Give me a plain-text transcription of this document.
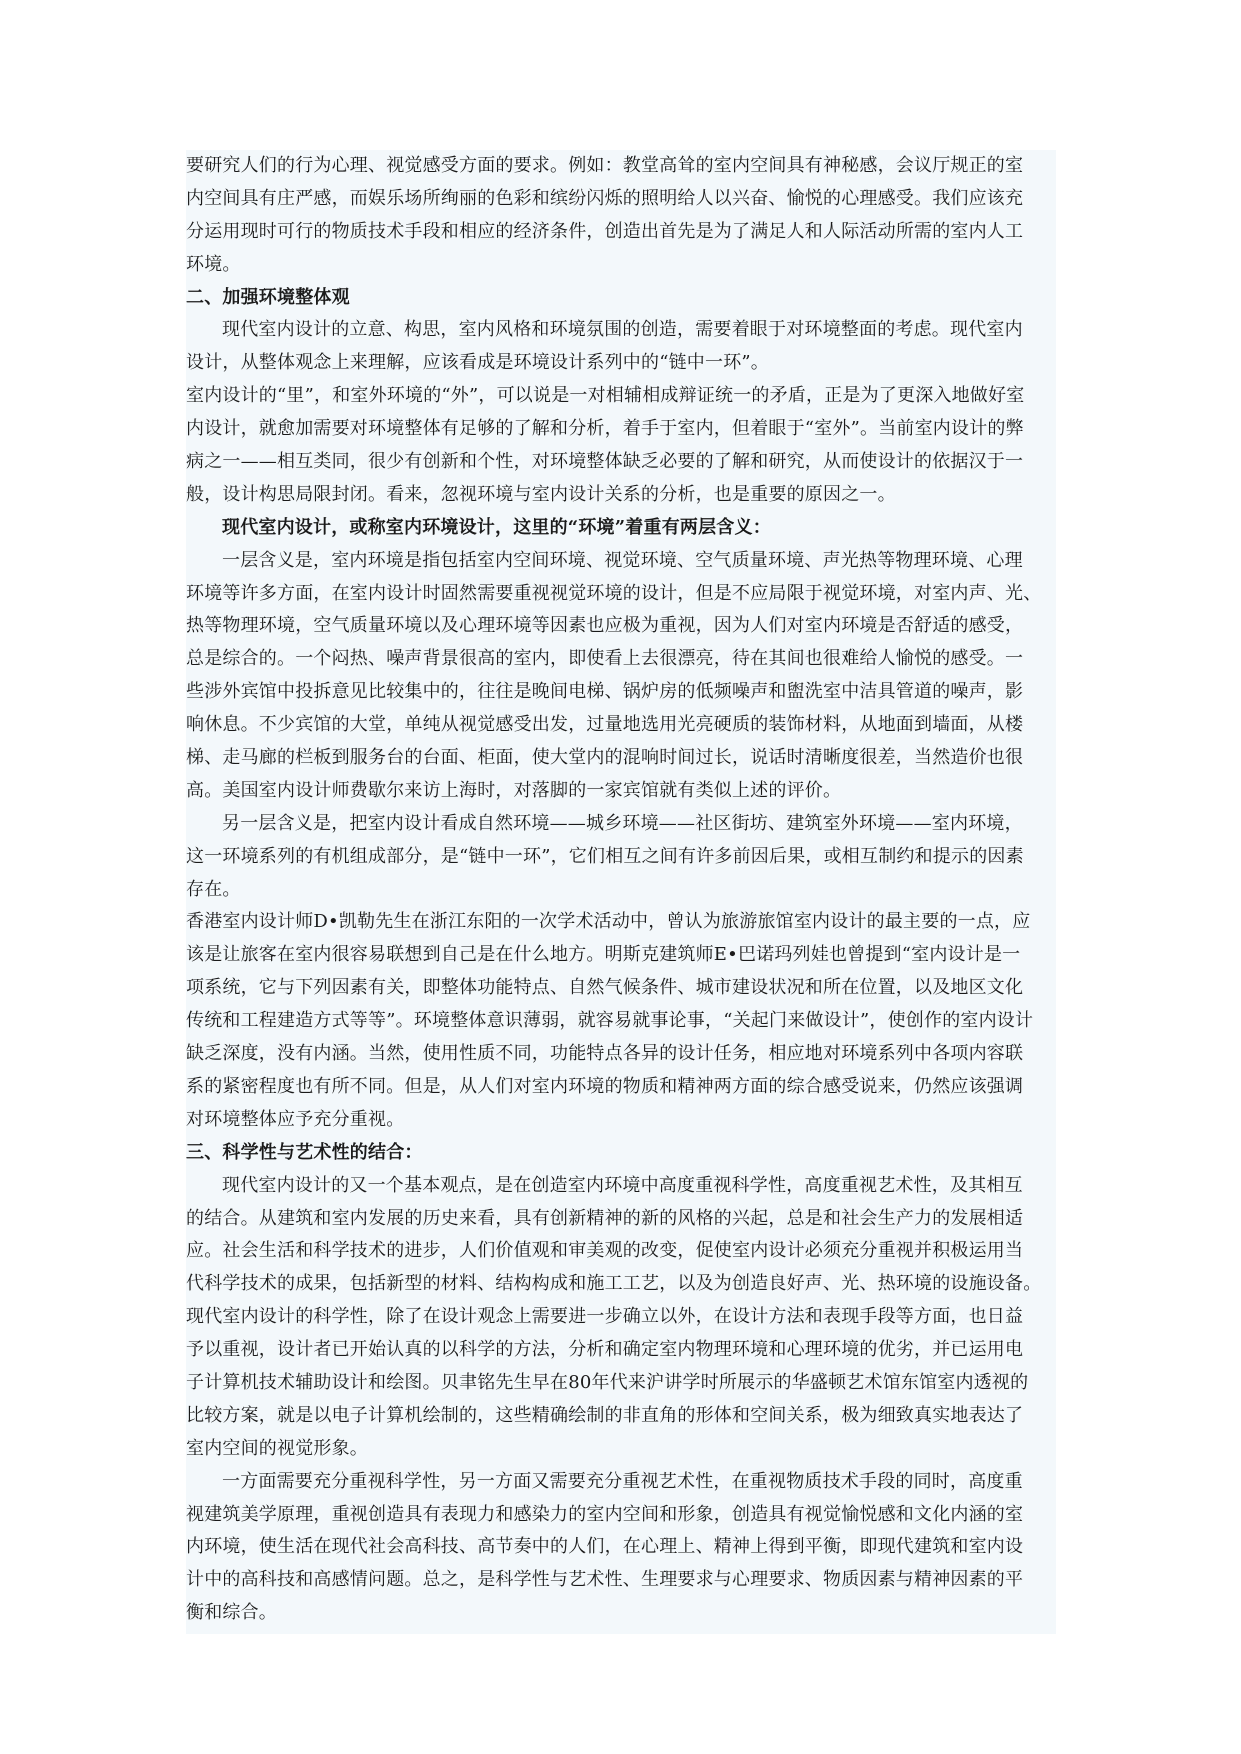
要研究人们的行为心理、视觉感受方面的要求。例如：教堂高耸的室内空间具有神秘感，会议厅规正的室
内空间具有庄严感，而娱乐场所绚丽的色彩和缤纷闪烁的照明给人以兴奋、愉悦的心理感受。我们应该充
分运用现时可行的物质技术手段和相应的经济条件，创造出首先是为了满足人和人际活动所需的室内人工
环境。
二、加强环境整体观
现代室内设计的立意、构思，室内风格和环境氛围的创造，需要着眼于对环境整面的考虑。现代室内
设计，从整体观念上来理解，应该看成是环境设计系列中的“链中一环”。
室内设计的“里”，和室外环境的“外”，可以说是一对相辅相成辩证统一的矛盾，正是为了更深入地做好室
内设计，就愈加需要对环境整体有足够的了解和分析，着手于室内，但着眼于“室外”。当前室内设计的弊
病之一——相互类同，很少有创新和个性，对环境整体缺乏必要的了解和研究，从而使设计的依据汉于一
般，设计构思局限封闭。看来，忽视环境与室内设计关系的分析，也是重要的原因之一。
现代室内设计，或称室内环境设计，这里的“环境”着重有两层含义：
一层含义是，室内环境是指包括室内空间环境、视觉环境、空气质量环境、声光热等物理环境、心理
环境等许多方面，在室内设计时固然需要重视视觉环境的设计，但是不应局限于视觉环境，对室内声、光、
热等物理环境，空气质量环境以及心理环境等因素也应极为重视，因为人们对室内环境是否舒适的感受，
总是综合的。一个闷热、噪声背景很高的室内，即使看上去很漂亮，待在其间也很难给人愉悦的感受。一
些涉外宾馆中投拆意见比较集中的，往往是晚间电梯、锅炉房的低频噪声和盥洗室中洁具管道的噪声，影
响休息。不少宾馆的大堂，单纯从视觉感受出发，过量地选用光亮硬质的装饰材料，从地面到墙面，从楼
梯、走马廊的栏板到服务台的台面、柜面，使大堂内的混响时间过长，说话时清晰度很差，当然造价也很
高。美国室内设计师费歇尔来访上海时，对落脚的一家宾馆就有类似上述的评价。
另一层含义是，把室内设计看成自然环境——城乡环境——社区街坊、建筑室外环境——室内环境，
这一环境系列的有机组成部分，是“链中一环”，它们相互之间有许多前因后果，或相互制约和提示的因素
存在。
香港室内设计师D•凯勒先生在浙江东阳的一次学术活动中，曾认为旅游旅馆室内设计的最主要的一点，应
该是让旅客在室内很容易联想到自己是在什么地方。明斯克建筑师E•巴诺玛列娃也曾提到“室内设计是一
项系统，它与下列因素有关，即整体功能特点、自然气候条件、城市建设状况和所在位置，以及地区文化
传统和工程建造方式等等”。环境整体意识薄弱，就容易就事论事，“关起门来做设计”，使创作的室内设计
缺乏深度，没有内涵。当然，使用性质不同，功能特点各异的设计任务，相应地对环境系列中各项内容联
系的紧密程度也有所不同。但是，从人们对室内环境的物质和精神两方面的综合感受说来，仍然应该强调
对环境整体应予充分重视。
三、科学性与艺术性的结合：
现代室内设计的又一个基本观点，是在创造室内环境中高度重视科学性，高度重视艺术性，及其相互
的结合。从建筑和室内发展的历史来看，具有创新精神的新的风格的兴起，总是和社会生产力的发展相适
应。社会生活和科学技术的进步，人们价值观和审美观的改变，促使室内设计必须充分重视并积极运用当
代科学技术的成果，包括新型的材料、结构构成和施工工艺，以及为创造良好声、光、热环境的设施设备。
现代室内设计的科学性，除了在设计观念上需要进一步确立以外，在设计方法和表现手段等方面，也日益
予以重视，设计者已开始认真的以科学的方法，分析和确定室内物理环境和心理环境的优劣，并已运用电
子计算机技术辅助设计和绘图。贝聿铭先生早在80年代来沪讲学时所展示的华盛顿艺术馆东馆室内透视的
比较方案，就是以电子计算机绘制的，这些精确绘制的非直角的形体和空间关系，极为细致真实地表达了
室内空间的视觉形象。
一方面需要充分重视科学性，另一方面又需要充分重视艺术性，在重视物质技术手段的同时，高度重
视建筑美学原理，重视创造具有表现力和感染力的室内空间和形象，创造具有视觉愉悦感和文化内涵的室
内环境，使生活在现代社会高科技、高节奏中的人们，在心理上、精神上得到平衡，即现代建筑和室内设
计中的高科技和高感情问题。总之，是科学性与艺术性、生理要求与心理要求、物质因素与精神因素的平
衡和综合。
